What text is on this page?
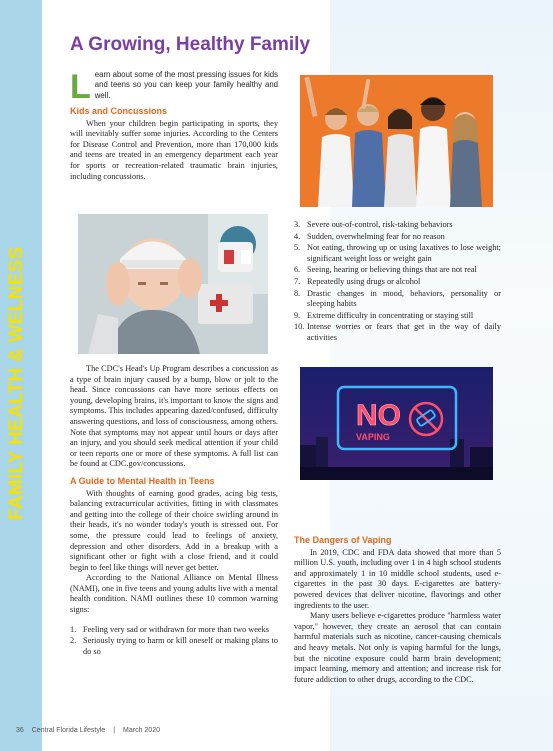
FAMILY HEALTH & WELNESS
A Growing, Healthy Family

Learn about some of the most pressing issues for kids and teens so you can keep your family healthy and well.

Kids and Concussions

When your children begin participating in sports, they will inevitably suffer some injuries. According to the Centers for Disease Control and Prevention, more than 170,000 kids and teens are treated in an emergency department each year for sports or recreation-related traumatic brain injuries, including concussions.

The CDC's Head's Up Program describes a concussion as a type of brain injury caused by a bump, blow or jolt to the head. Since concussions can have more serious effects on young, developing brains, it's important to know the signs and symptoms. This includes appearing dazed/confused, difficulty answering questions, and loss of consciousness, among others. Note that symptoms may not appear until hours or days after an injury, and you should seek medical attention if your child or teen reports one or more of these symptoms. A full list can be found at CDC.gov/concussions.

A Guide to Mental Health in Teens

With thoughts of earning good grades, acing big tests, balancing extracurricular activities, fitting in with classmates and getting into the college of their choice swirling around in their heads, it's no wonder today's youth is stressed out. For some, the pressure could lead to feelings of anxiety, depression and other disorders. Add in a breakup with a significant other or fight with a close friend, and it could begin to feel like things will never get better.

According to the National Alliance on Mental Illness (NAMI), one in five teens and young adults live with a mental health condition. NAMI outlines these 10 common warning signs:

1. Feeling very sad or withdrawn for more than two weeks
2. Seriously trying to harm or kill oneself or making plans to do so
3. Severe out-of-control, risk-taking behaviors
4. Sudden, overwhelming fear for no reason
5. Not eating, throwing up or using laxatives to lose weight; significant weight loss or weight gain
6. Seeing, hearing or believing things that are not real
7. Repeatedly using drugs or alcohol
8. Drastic changes in mood, behaviors, personality or sleeping habits
9. Extreme difficulty in concentrating or staying still
10. Intense worries or fears that get in the way of daily activities
NO
VAPING
The Dangers of Vaping

In 2019, CDC and FDA data showed that more than 5 million U.S. youth, including over 1 in 4 high school students and approximately 1 in 10 middle school students, used e-cigarettes in the past 30 days. E-cigarettes are battery-powered devices that deliver nicotine, flavorings and other ingredients to the user.

Many users believe e-cigarettes produce "harmless water vapor," however, they create an aerosol that can contain harmful materials such as nicotine, cancer-causing chemicals and heavy metals. Not only is vaping harmful for the lungs, but the nicotine exposure could harm brain development; impact learning, memory and attention; and increase risk for future addiction to other drugs, according to the CDC.

36 Central Florida Lifestyle | March 2020
